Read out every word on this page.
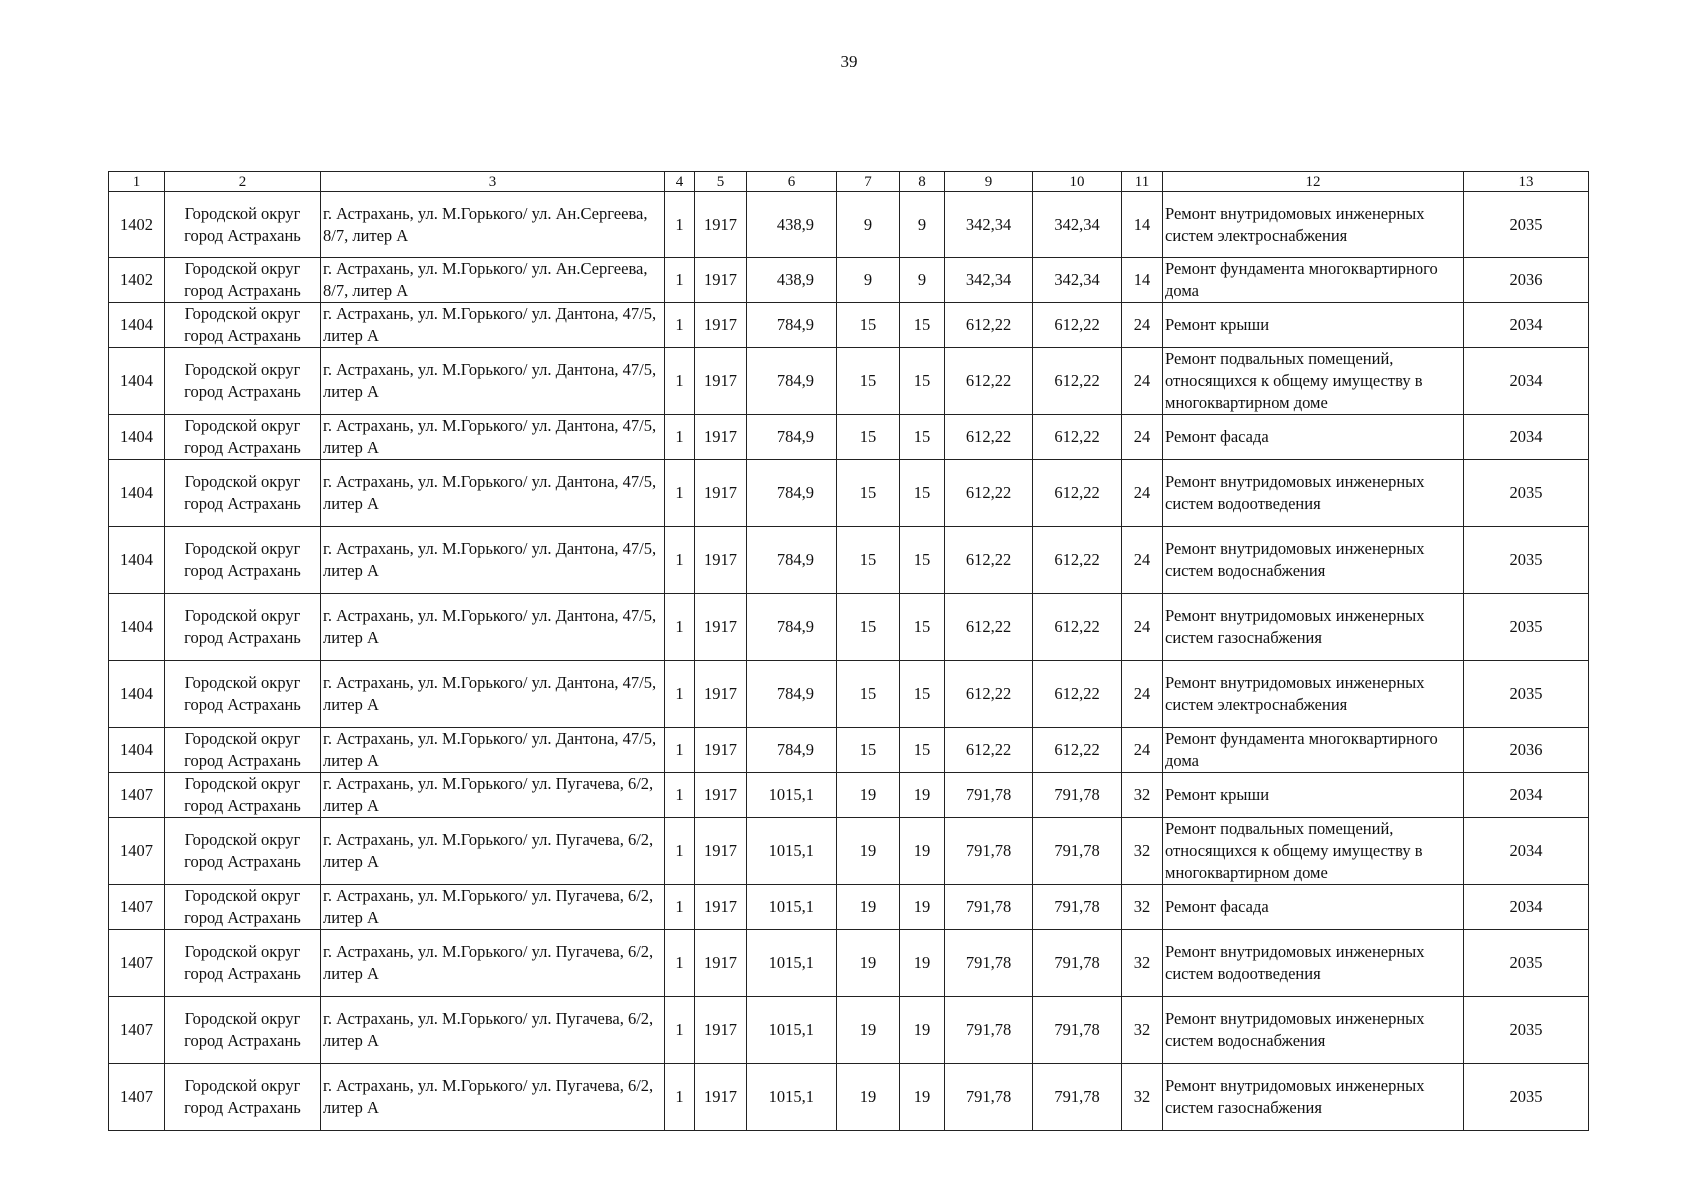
39
1	2	3	4	5	6	7	8	9	10	11	12	13
1402	Городской округ город Астрахань	г. Астрахань, ул. М.Горького/ ул. Ан.Сергеева, 8/7, литер А	1	1917	438,9	9	9	342,34	342,34	14	Ремонт внутридомовых инженерных систем электроснабжения	2035
1402	Городской округ город Астрахань	г. Астрахань, ул. М.Горького/ ул. Ан.Сергеева, 8/7, литер А	1	1917	438,9	9	9	342,34	342,34	14	Ремонт фундамента многоквартирного дома	2036
1404	Городской округ город Астрахань	г. Астрахань, ул. М.Горького/ ул. Дантона, 47/5, литер А	1	1917	784,9	15	15	612,22	612,22	24	Ремонт крыши	2034
1404	Городской округ город Астрахань	г. Астрахань, ул. М.Горького/ ул. Дантона, 47/5, литер А	1	1917	784,9	15	15	612,22	612,22	24	Ремонт подвальных помещений, относящихся к общему имуществу в многоквартирном доме	2034
1404	Городской округ город Астрахань	г. Астрахань, ул. М.Горького/ ул. Дантона, 47/5, литер А	1	1917	784,9	15	15	612,22	612,22	24	Ремонт фасада	2034
1404	Городской округ город Астрахань	г. Астрахань, ул. М.Горького/ ул. Дантона, 47/5, литер А	1	1917	784,9	15	15	612,22	612,22	24	Ремонт внутридомовых инженерных систем водоотведения	2035
1404	Городской округ город Астрахань	г. Астрахань, ул. М.Горького/ ул. Дантона, 47/5, литер А	1	1917	784,9	15	15	612,22	612,22	24	Ремонт внутридомовых инженерных систем водоснабжения	2035
1404	Городской округ город Астрахань	г. Астрахань, ул. М.Горького/ ул. Дантона, 47/5, литер А	1	1917	784,9	15	15	612,22	612,22	24	Ремонт внутридомовых инженерных систем газоснабжения	2035
1404	Городской округ город Астрахань	г. Астрахань, ул. М.Горького/ ул. Дантона, 47/5, литер А	1	1917	784,9	15	15	612,22	612,22	24	Ремонт внутридомовых инженерных систем электроснабжения	2035
1404	Городской округ город Астрахань	г. Астрахань, ул. М.Горького/ ул. Дантона, 47/5, литер А	1	1917	784,9	15	15	612,22	612,22	24	Ремонт фундамента многоквартирного дома	2036
1407	Городской округ город Астрахань	г. Астрахань, ул. М.Горького/ ул. Пугачева, 6/2, литер А	1	1917	1015,1	19	19	791,78	791,78	32	Ремонт крыши	2034
1407	Городской округ город Астрахань	г. Астрахань, ул. М.Горького/ ул. Пугачева, 6/2, литер А	1	1917	1015,1	19	19	791,78	791,78	32	Ремонт подвальных помещений, относящихся к общему имуществу в многоквартирном доме	2034
1407	Городской округ город Астрахань	г. Астрахань, ул. М.Горького/ ул. Пугачева, 6/2, литер А	1	1917	1015,1	19	19	791,78	791,78	32	Ремонт фасада	2034
1407	Городской округ город Астрахань	г. Астрахань, ул. М.Горького/ ул. Пугачева, 6/2, литер А	1	1917	1015,1	19	19	791,78	791,78	32	Ремонт внутридомовых инженерных систем водоотведения	2035
1407	Городской округ город Астрахань	г. Астрахань, ул. М.Горького/ ул. Пугачева, 6/2, литер А	1	1917	1015,1	19	19	791,78	791,78	32	Ремонт внутридомовых инженерных систем водоснабжения	2035
1407	Городской округ город Астрахань	г. Астрахань, ул. М.Горького/ ул. Пугачева, 6/2, литер А	1	1917	1015,1	19	19	791,78	791,78	32	Ремонт внутридомовых инженерных систем газоснабжения	2035
